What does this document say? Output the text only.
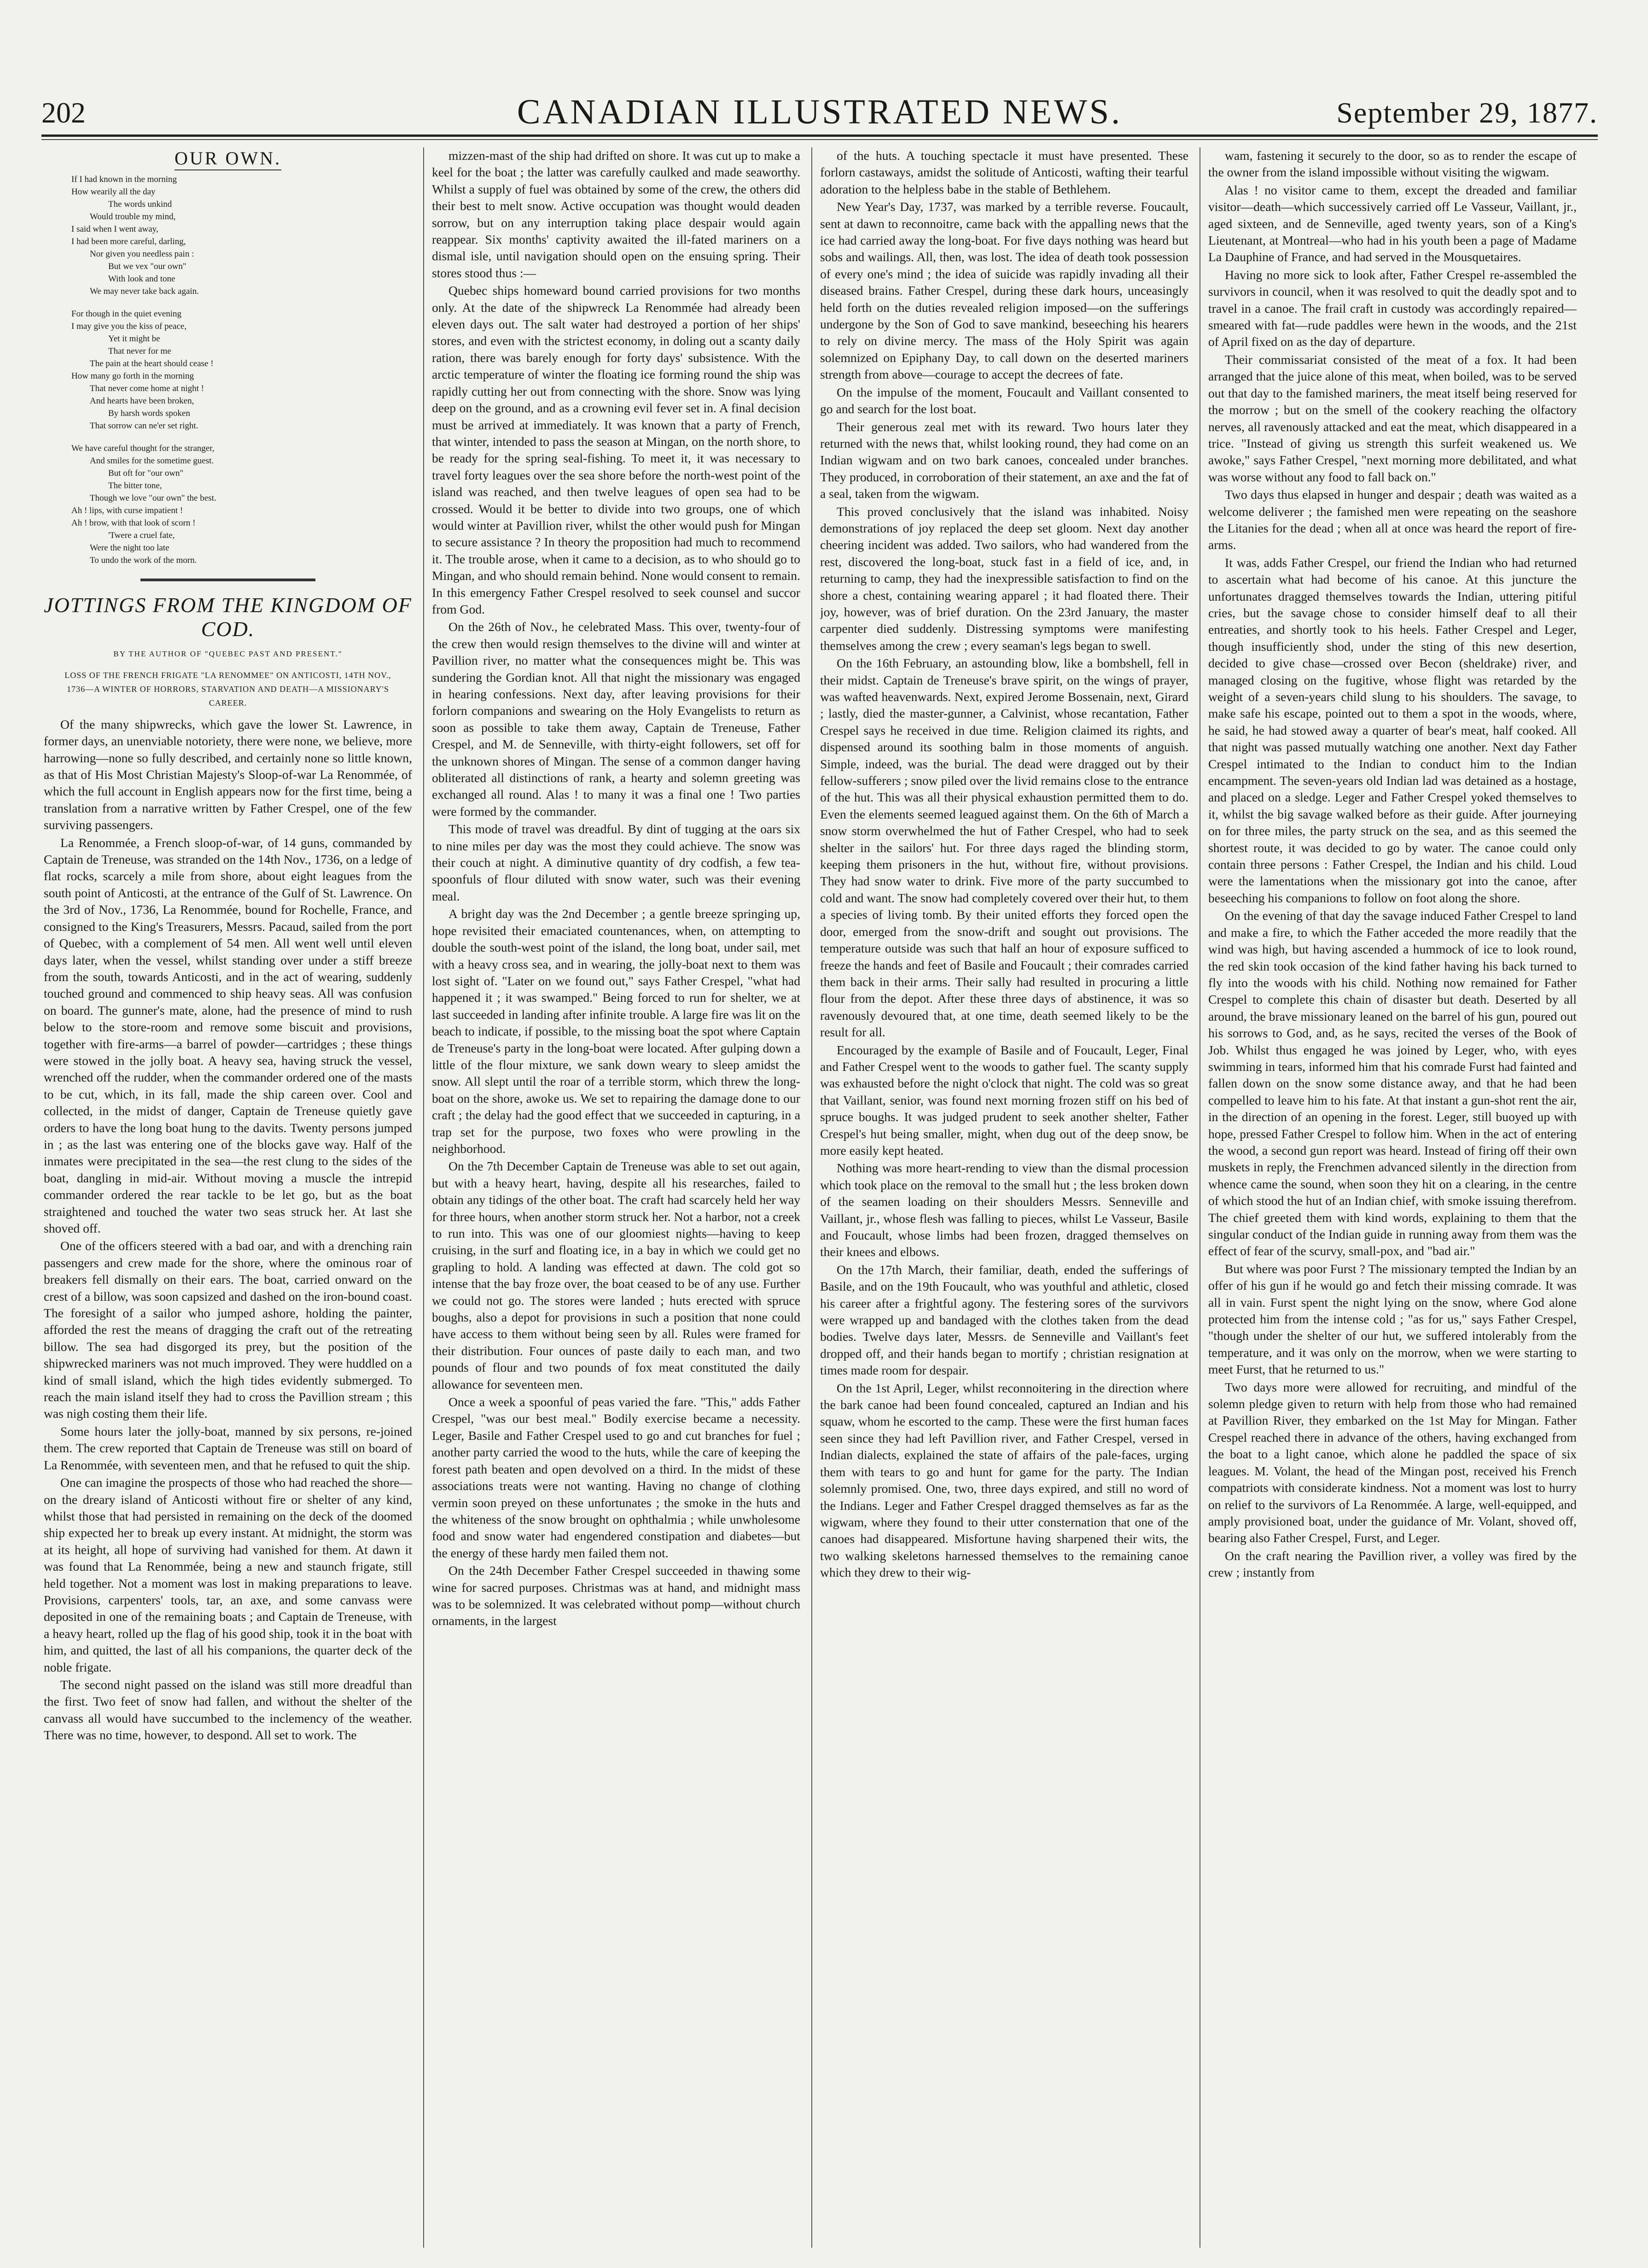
202	CANADIAN ILLUSTRATED NEWS.	September 29, 1877.
OUR OWN.
If I had known in the morning
How wearily all the day
The words unkind
Would trouble my mind,
I said when I went away,
I had been more careful, darling,
Nor given you needless pain :
But we vex "our own"
With look and tone
We may never take back again.
For though in the quiet evening
I may give you the kiss of peace,
Yet it might be
That never for me
The pain at the heart should cease !
How many go forth in the morning
That never come home at night !
And hearts have been broken,
By harsh words spoken
That sorrow can ne'er set right.
We have careful thought for the stranger,
And smiles for the sometime guest.
But oft for "our own"
The bitter tone,
Though we love "our own" the best.
Ah ! lips, with curse impatient !
Ah ! brow, with that look of scorn !
'Twere a cruel fate,
Were the night too late
To undo the work of the morn.
JOTTINGS FROM THE KINGDOM OF COD.
BY THE AUTHOR OF "QUEBEC PAST AND PRESENT."
LOSS OF THE FRENCH FRIGATE "LA RENOMMEE" ON ANTICOSTI, 14TH NOV., 1736—A WINTER OF HORRORS, STARVATION AND DEATH—A MISSIONARY'S CAREER.

Of the many shipwrecks, which gave the lower St. Lawrence, in former days, an unenviable notoriety, there were none, we believe, more harrowing—none so fully described, and certainly none so little known, as that of His Most Christian Majesty's Sloop-of-war La Renommée, of which the full account in English appears now for the first time, being a translation from a narrative written by Father Crespel, one of the few surviving passengers.

La Renommée, a French sloop-of-war, of 14 guns, commanded by Captain de Treneuse, was stranded on the 14th Nov., 1736, on a ledge of flat rocks, scarcely a mile from shore, about eight leagues from the south point of Anticosti, at the entrance of the Gulf of St. Lawrence. On the 3rd of Nov., 1736, La Renommée, bound for Rochelle, France, and consigned to the King's Treasurers, Messrs. Pacaud, sailed from the port of Quebec, with a complement of 54 men. All went well until eleven days later, when the vessel, whilst standing over under a stiff breeze from the south, towards Anticosti, and in the act of wearing, suddenly touched ground and commenced to ship heavy seas. All was confusion on board. The gunner's mate, alone, had the presence of mind to rush below to the store-room and remove some biscuit and provisions, together with fire-arms—a barrel of powder—cartridges ; these things were stowed in the jolly boat. A heavy sea, having struck the vessel, wrenched off the rudder, when the commander ordered one of the masts to be cut, which, in its fall, made the ship careen over. Cool and collected, in the midst of danger, Captain de Treneuse quietly gave orders to have the long boat hung to the davits. Twenty persons jumped in ; as the last was entering one of the blocks gave way. Half of the inmates were precipitated in the sea—the rest clung to the sides of the boat, dangling in mid-air. Without moving a muscle the intrepid commander ordered the rear tackle to be let go, but as the boat straightened and touched the water two seas struck her. At last she shoved off.

One of the officers steered with a bad oar, and with a drenching rain passengers and crew made for the shore, where the ominous roar of breakers fell dismally on their ears. The boat, carried onward on the crest of a billow, was soon capsized and dashed on the iron-bound coast. The foresight of a sailor who jumped ashore, holding the painter, afforded the rest the means of dragging the craft out of the retreating billow. The sea had disgorged its prey, but the position of the shipwrecked mariners was not much improved. They were huddled on a kind of small island, which the high tides evidently submerged. To reach the main island itself they had to cross the Pavillion stream ; this was nigh costing them their life.

Some hours later the jolly-boat, manned by six persons, re-joined them. The crew reported that Captain de Treneuse was still on board of La Renommée, with seventeen men, and that he refused to quit the ship.

One can imagine the prospects of those who had reached the shore—on the dreary island of Anticosti without fire or shelter of any kind, whilst those that had persisted in remaining on the deck of the doomed ship expected her to break up every instant. At midnight, the storm was at its height, all hope of surviving had vanished for them. At dawn it was found that La Renommée, being a new and staunch frigate, still held together. Not a moment was lost in making preparations to leave. Provisions, carpenters' tools, tar, an axe, and some canvass were deposited in one of the remaining boats ; and Captain de Treneuse, with a heavy heart, rolled up the flag of his good ship, took it in the boat with him, and quitted, the last of all his companions, the quarter deck of the noble frigate.

The second night passed on the island was still more dreadful than the first. Two feet of snow had fallen, and without the shelter of the canvass all would have succumbed to the inclemency of the weather. There was no time, however, to despond. All set to work. The

mizzen-mast of the ship had drifted on shore. It was cut up to make a keel for the boat ; the latter was carefully caulked and made seaworthy. Whilst a supply of fuel was obtained by some of the crew, the others did their best to melt snow. Active occupation was thought would deaden sorrow, but on any interruption taking place despair would again reappear. Six months' captivity awaited the ill-fated mariners on a dismal isle, until navigation should open on the ensuing spring. Their stores stood thus :—

Quebec ships homeward bound carried provisions for two months only. At the date of the shipwreck La Renommée had already been eleven days out. The salt water had destroyed a portion of her ships' stores, and even with the strictest economy, in doling out a scanty daily ration, there was barely enough for forty days' subsistence. With the arctic temperature of winter the floating ice forming round the ship was rapidly cutting her out from connecting with the shore. Snow was lying deep on the ground, and as a crowning evil fever set in. A final decision must be arrived at immediately. It was known that a party of French, that winter, intended to pass the season at Mingan, on the north shore, to be ready for the spring seal-fishing. To meet it, it was necessary to travel forty leagues over the sea shore before the north-west point of the island was reached, and then twelve leagues of open sea had to be crossed. Would it be better to divide into two groups, one of which would winter at Pavillion river, whilst the other would push for Mingan to secure assistance ? In theory the proposition had much to recommend it. The trouble arose, when it came to a decision, as to who should go to Mingan, and who should remain behind. None would consent to remain. In this emergency Father Crespel resolved to seek counsel and succor from God.

On the 26th of Nov., he celebrated Mass. This over, twenty-four of the crew then would resign themselves to the divine will and winter at Pavillion river, no matter what the consequences might be. This was sundering the Gordian knot. All that night the missionary was engaged in hearing confessions. Next day, after leaving provisions for their forlorn companions and swearing on the Holy Evangelists to return as soon as possible to take them away, Captain de Treneuse, Father Crespel, and M. de Senneville, with thirty-eight followers, set off for the unknown shores of Mingan. The sense of a common danger having obliterated all distinctions of rank, a hearty and solemn greeting was exchanged all round. Alas ! to many it was a final one ! Two parties were formed by the commander.

This mode of travel was dreadful. By dint of tugging at the oars six to nine miles per day was the most they could achieve. The snow was their couch at night. A diminutive quantity of dry codfish, a few tea-spoonfuls of flour diluted with snow water, such was their evening meal.

A bright day was the 2nd December ; a gentle breeze springing up, hope revisited their emaciated countenances, when, on attempting to double the south-west point of the island, the long boat, under sail, met with a heavy cross sea, and in wearing, the jolly-boat next to them was lost sight of. "Later on we found out," says Father Crespel, "what had happened it ; it was swamped." Being forced to run for shelter, we at last succeeded in landing after infinite trouble. A large fire was lit on the beach to indicate, if possible, to the missing boat the spot where Captain de Treneuse's party in the long-boat were located. After gulping down a little of the flour mixture, we sank down weary to sleep amidst the snow. All slept until the roar of a terrible storm, which threw the long-boat on the shore, awoke us. We set to repairing the damage done to our craft ; the delay had the good effect that we succeeded in capturing, in a trap set for the purpose, two foxes who were prowling in the neighborhood.

On the 7th December Captain de Treneuse was able to set out again, but with a heavy heart, having, despite all his researches, failed to obtain any tidings of the other boat. The craft had scarcely held her way for three hours, when another storm struck her. Not a harbor, not a creek to run into. This was one of our gloomiest nights—having to keep cruising, in the surf and floating ice, in a bay in which we could get no grapling to hold. A landing was effected at dawn. The cold got so intense that the bay froze over, the boat ceased to be of any use. Further we could not go. The stores were landed ; huts erected with spruce boughs, also a depot for provisions in such a position that none could have access to them without being seen by all. Rules were framed for their distribution. Four ounces of paste daily to each man, and two pounds of flour and two pounds of fox meat constituted the daily allowance for seventeen men.

Once a week a spoonful of peas varied the fare. "This," adds Father Crespel, "was our best meal." Bodily exercise became a necessity. Leger, Basile and Father Crespel used to go and cut branches for fuel ; another party carried the wood to the huts, while the care of keeping the forest path beaten and open devolved on a third. In the midst of these associations treats were not wanting. Having no change of clothing vermin soon preyed on these unfortunates ; the smoke in the huts and the whiteness of the snow brought on ophthalmia ; while unwholesome food and snow water had engendered constipation and diabetes—but the energy of these hardy men failed them not.

On the 24th December Father Crespel succeeded in thawing some wine for sacred purposes. Christmas was at hand, and midnight mass was to be solemnized. It was celebrated without pomp—without church ornaments, in the largest

of the huts. A touching spectacle it must have presented. These forlorn castaways, amidst the solitude of Anticosti, wafting their tearful adoration to the helpless babe in the stable of Bethlehem.

New Year's Day, 1737, was marked by a terrible reverse. Foucault, sent at dawn to reconnoitre, came back with the appalling news that the ice had carried away the long-boat. For five days nothing was heard but sobs and wailings. All, then, was lost. The idea of death took possession of every one's mind ; the idea of suicide was rapidly invading all their diseased brains. Father Crespel, during these dark hours, unceasingly held forth on the duties revealed religion imposed—on the sufferings undergone by the Son of God to save mankind, beseeching his hearers to rely on divine mercy. The mass of the Holy Spirit was again solemnized on Epiphany Day, to call down on the deserted mariners strength from above—courage to accept the decrees of fate.

On the impulse of the moment, Foucault and Vaillant consented to go and search for the lost boat.

Their generous zeal met with its reward. Two hours later they returned with the news that, whilst looking round, they had come on an Indian wigwam and on two bark canoes, concealed under branches. They produced, in corroboration of their statement, an axe and the fat of a seal, taken from the wigwam.

This proved conclusively that the island was inhabited. Noisy demonstrations of joy replaced the deep set gloom. Next day another cheering incident was added. Two sailors, who had wandered from the rest, discovered the long-boat, stuck fast in a field of ice, and, in returning to camp, they had the inexpressible satisfaction to find on the shore a chest, containing wearing apparel ; it had floated there. Their joy, however, was of brief duration. On the 23rd January, the master carpenter died suddenly. Distressing symptoms were manifesting themselves among the crew ; every seaman's legs began to swell.

On the 16th February, an astounding blow, like a bombshell, fell in their midst. Captain de Treneuse's brave spirit, on the wings of prayer, was wafted heavenwards. Next, expired Jerome Bossenain, next, Girard ; lastly, died the master-gunner, a Calvinist, whose recantation, Father Crespel says he received in due time. Religion claimed its rights, and dispensed around its soothing balm in those moments of anguish. Simple, indeed, was the burial. The dead were dragged out by their fellow-sufferers ; snow piled over the livid remains close to the entrance of the hut. This was all their physical exhaustion permitted them to do. Even the elements seemed leagued against them. On the 6th of March a snow storm overwhelmed the hut of Father Crespel, who had to seek shelter in the sailors' hut. For three days raged the blinding storm, keeping them prisoners in the hut, without fire, without provisions. They had snow water to drink. Five more of the party succumbed to cold and want. The snow had completely covered over their hut, to them a species of living tomb. By their united efforts they forced open the door, emerged from the snow-drift and sought out provisions. The temperature outside was such that half an hour of exposure sufficed to freeze the hands and feet of Basile and Foucault ; their comrades carried them back in their arms. Their sally had resulted in procuring a little flour from the depot. After these three days of abstinence, it was so ravenously devoured that, at one time, death seemed likely to be the result for all.

Encouraged by the example of Basile and of Foucault, Leger, Final and Father Crespel went to the woods to gather fuel. The scanty supply was exhausted before the night o'clock that night. The cold was so great that Vaillant, senior, was found next morning frozen stiff on his bed of spruce boughs. It was judged prudent to seek another shelter, Father Crespel's hut being smaller, might, when dug out of the deep snow, be more easily kept heated.

Nothing was more heart-rending to view than the dismal procession which took place on the removal to the small hut ; the less broken down of the seamen loading on their shoulders Messrs. Senneville and Vaillant, jr., whose flesh was falling to pieces, whilst Le Vasseur, Basile and Foucault, whose limbs had been frozen, dragged themselves on their knees and elbows.

On the 17th March, their familiar, death, ended the sufferings of Basile, and on the 19th Foucault, who was youthful and athletic, closed his career after a frightful agony. The festering sores of the survivors were wrapped up and bandaged with the clothes taken from the dead bodies. Twelve days later, Messrs. de Senneville and Vaillant's feet dropped off, and their hands began to mortify ; christian resignation at times made room for despair.

On the 1st April, Leger, whilst reconnoitering in the direction where the bark canoe had been found concealed, captured an Indian and his squaw, whom he escorted to the camp. These were the first human faces seen since they had left Pavillion river, and Father Crespel, versed in Indian dialects, explained the state of affairs of the pale-faces, urging them with tears to go and hunt for game for the party. The Indian solemnly promised. One, two, three days expired, and still no word of the Indians. Leger and Father Crespel dragged themselves as far as the wigwam, where they found to their utter consternation that one of the canoes had disappeared. Misfortune having sharpened their wits, the two walking skeletons harnessed themselves to the remaining canoe which they drew to their wig-

wam, fastening it securely to the door, so as to render the escape of the owner from the island impossible without visiting the wigwam.

Alas ! no visitor came to them, except the dreaded and familiar visitor—death—which successively carried off Le Vasseur, Vaillant, jr., aged sixteen, and de Senneville, aged twenty years, son of a King's Lieutenant, at Montreal—who had in his youth been a page of Madame La Dauphine of France, and had served in the Mousquetaires.

Having no more sick to look after, Father Crespel re-assembled the survivors in council, when it was resolved to quit the deadly spot and to travel in a canoe. The frail craft in custody was accordingly repaired—smeared with fat—rude paddles were hewn in the woods, and the 21st of April fixed on as the day of departure.

Their commissariat consisted of the meat of a fox. It had been arranged that the juice alone of this meat, when boiled, was to be served out that day to the famished mariners, the meat itself being reserved for the morrow ; but on the smell of the cookery reaching the olfactory nerves, all ravenously attacked and eat the meat, which disappeared in a trice. "Instead of giving us strength this surfeit weakened us. We awoke," says Father Crespel, "next morning more debilitated, and what was worse without any food to fall back on."

Two days thus elapsed in hunger and despair ; death was waited as a welcome deliverer ; the famished men were repeating on the seashore the Litanies for the dead ; when all at once was heard the report of fire-arms.

It was, adds Father Crespel, our friend the Indian who had returned to ascertain what had become of his canoe. At this juncture the unfortunates dragged themselves towards the Indian, uttering pitiful cries, but the savage chose to consider himself deaf to all their entreaties, and shortly took to his heels. Father Crespel and Leger, though insufficiently shod, under the sting of this new desertion, decided to give chase—crossed over Becon (sheldrake) river, and managed closing on the fugitive, whose flight was retarded by the weight of a seven-years child slung to his shoulders. The savage, to make safe his escape, pointed out to them a spot in the woods, where, he said, he had stowed away a quarter of bear's meat, half cooked. All that night was passed mutually watching one another. Next day Father Crespel intimated to the Indian to conduct him to the Indian encampment. The seven-years old Indian lad was detained as a hostage, and placed on a sledge. Leger and Father Crespel yoked themselves to it, whilst the big savage walked before as their guide. After journeying on for three miles, the party struck on the sea, and as this seemed the shortest route, it was decided to go by water. The canoe could only contain three persons : Father Crespel, the Indian and his child. Loud were the lamentations when the missionary got into the canoe, after beseeching his companions to follow on foot along the shore.

On the evening of that day the savage induced Father Crespel to land and make a fire, to which the Father acceded the more readily that the wind was high, but having ascended a hummock of ice to look round, the red skin took occasion of the kind father having his back turned to fly into the woods with his child. Nothing now remained for Father Crespel to complete this chain of disaster but death. Deserted by all around, the brave missionary leaned on the barrel of his gun, poured out his sorrows to God, and, as he says, recited the verses of the Book of Job. Whilst thus engaged he was joined by Leger, who, with eyes swimming in tears, informed him that his comrade Furst had fainted and fallen down on the snow some distance away, and that he had been compelled to leave him to his fate. At that instant a gun-shot rent the air, in the direction of an opening in the forest. Leger, still buoyed up with hope, pressed Father Crespel to follow him. When in the act of entering the wood, a second gun report was heard. Instead of firing off their own muskets in reply, the Frenchmen advanced silently in the direction from whence came the sound, when soon they hit on a clearing, in the centre of which stood the hut of an Indian chief, with smoke issuing therefrom. The chief greeted them with kind words, explaining to them that the singular conduct of the Indian guide in running away from them was the effect of fear of the scurvy, small-pox, and "bad air."

But where was poor Furst ? The missionary tempted the Indian by an offer of his gun if he would go and fetch their missing comrade. It was all in vain. Furst spent the night lying on the snow, where God alone protected him from the intense cold ; "as for us," says Father Crespel, "though under the shelter of our hut, we suffered intolerably from the temperature, and it was only on the morrow, when we were starting to meet Furst, that he returned to us."

Two days more were allowed for recruiting, and mindful of the solemn pledge given to return with help from those who had remained at Pavillion River, they embarked on the 1st May for Mingan. Father Crespel reached there in advance of the others, having exchanged from the boat to a light canoe, which alone he paddled the space of six leagues. M. Volant, the head of the Mingan post, received his French compatriots with considerate kindness. Not a moment was lost to hurry on relief to the survivors of La Renommée. A large, well-equipped, and amply provisioned boat, under the guidance of Mr. Volant, shoved off, bearing also Father Crespel, Furst, and Leger.

On the craft nearing the Pavillion river, a volley was fired by the crew ; instantly from
